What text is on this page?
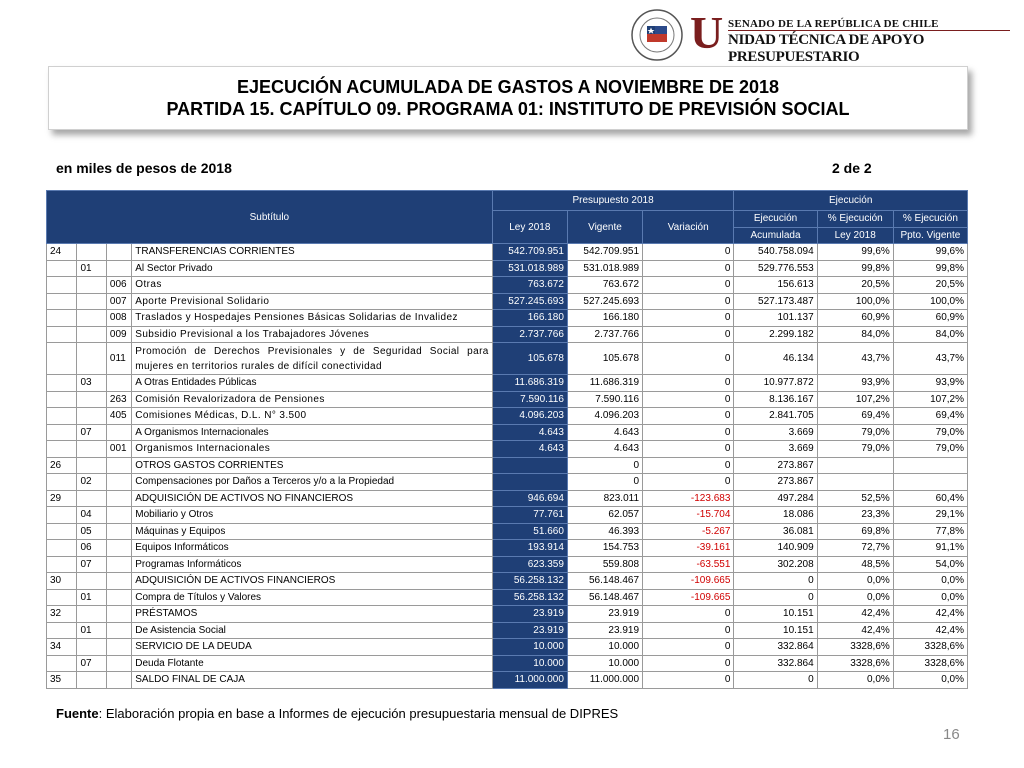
U SENADO DE LA REPÚBLICA DE CHILE
NIDAD TÉCNICA DE APOYO PRESUPUESTARIO
EJECUCIÓN ACUMULADA DE GASTOS A NOVIEMBRE DE 2018
PARTIDA 15. CAPÍTULO 09. PROGRAMA 01: INSTITUTO DE PREVISIÓN SOCIAL
en miles de pesos de 2018	2 de 2
Subtítulo				Presupuesto 2018			Ejecución		
				Ley 2018	Vigente	Variación	Ejecución	% Ejecución	% Ejecución
							Acumulada	Ley 2018	Ppto. Vigente
24			TRANSFERENCIAS CORRIENTES	542.709.951	542.709.951	0	540.758.094	99,6%	99,6%
	01		Al Sector Privado	531.018.989	531.018.989	0	529.776.553	99,8%	99,8%
		006	Otras	763.672	763.672	0	156.613	20,5%	20,5%
		007	Aporte Previsional Solidario	527.245.693	527.245.693	0	527.173.487	100,0%	100,0%
		008	Traslados y Hospedajes Pensiones Básicas Solidarias de Invalidez	166.180	166.180	0	101.137	60,9%	60,9%
		009	Subsidio Previsional a los Trabajadores Jóvenes	2.737.766	2.737.766	0	2.299.182	84,0%	84,0%
		011	Promoción de Derechos Previsionales y de Seguridad Social para mujeres en territorios rurales de difícil conectividad	105.678	105.678	0	46.134	43,7%	43,7%
	03		A Otras Entidades Públicas	11.686.319	11.686.319	0	10.977.872	93,9%	93,9%
		263	Comisión Revalorizadora de Pensiones	7.590.116	7.590.116	0	8.136.167	107,2%	107,2%
		405	Comisiones Médicas, D.L. N° 3.500	4.096.203	4.096.203	0	2.841.705	69,4%	69,4%
	07		A Organismos Internacionales	4.643	4.643	0	3.669	79,0%	79,0%
		001	Organismos Internacionales	4.643	4.643	0	3.669	79,0%	79,0%
26			OTROS GASTOS CORRIENTES		0	0	273.867		
	02		Compensaciones por Daños a Terceros y/o a la Propiedad		0	0	273.867		
29			ADQUISICIÓN DE ACTIVOS NO FINANCIEROS	946.694	823.011	-123.683	497.284	52,5%	60,4%
	04		Mobiliario y Otros	77.761	62.057	-15.704	18.086	23,3%	29,1%
	05		Máquinas y Equipos	51.660	46.393	-5.267	36.081	69,8%	77,8%
	06		Equipos Informáticos	193.914	154.753	-39.161	140.909	72,7%	91,1%
	07		Programas Informáticos	623.359	559.808	-63.551	302.208	48,5%	54,0%
30			ADQUISICIÓN DE ACTIVOS FINANCIEROS	56.258.132	56.148.467	-109.665	0	0,0%	0,0%
	01		Compra de Títulos y Valores	56.258.132	56.148.467	-109.665	0	0,0%	0,0%
32			PRÉSTAMOS	23.919	23.919	0	10.151	42,4%	42,4%
	01		De Asistencia Social	23.919	23.919	0	10.151	42,4%	42,4%
34			SERVICIO DE LA DEUDA	10.000	10.000	0	332.864	3328,6%	3328,6%
	07		Deuda Flotante	10.000	10.000	0	332.864	3328,6%	3328,6%
35			SALDO FINAL DE CAJA	11.000.000	11.000.000	0	0	0,0%	0,0%
Fuente: Elaboración propia en base a Informes de ejecución presupuestaria mensual de DIPRES
16
